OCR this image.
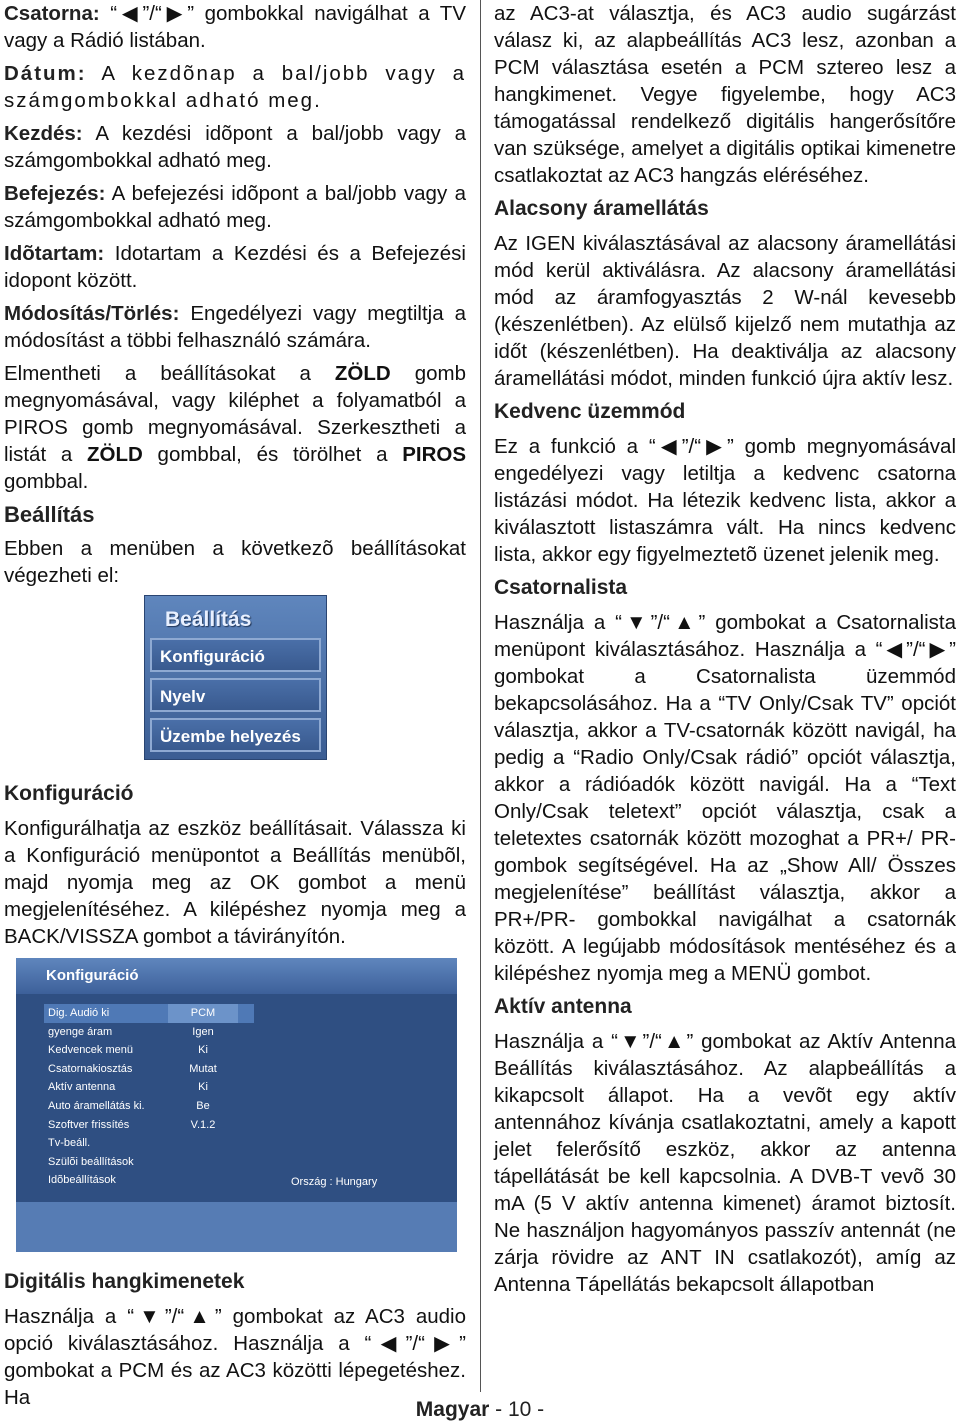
Csatorna: “◀”/“▶” gombokkal navigálhat a TV vagy a Rádió listában.

Dátum: A kezdõnap a bal/jobb vagy a számgombokkal adható meg.

Kezdés: A kezdési idõpont a bal/jobb vagy a számgombokkal adható meg.

Befejezés: A befejezési idõpont a bal/jobb vagy a számgombokkal adható meg.

Idõtartam: Idotartam a Kezdési és a Befejezési idopont között.

Módosítás/Törlés: Engedélyezi vagy megtiltja a módosítást a többi felhasználó számára.

Elmentheti a beállításokat a ZÖLD gomb megnyomásával, vagy kiléphet a folyamatból a PIROS gomb megnyomásával. Szerkesztheti a listát a ZÖLD gombbal, és törölhet a PIROS gombbal.

Beállítás

Ebben a menüben a következõ beállításokat végezheti el:

Beállítás
Konfiguráció
Nyelv
Üzembe helyezés
Konfiguráció

Konfigurálhatja az eszköz beállításait. Válassza ki a Konfiguráció menüpontot a Beállítás menübõl, majd nyomja meg az OK gombot a menü megjelenítéséhez. A kilépéshez nyomja meg a BACK/VISSZA gombot a távirányítón.

Konfiguráció
Dig. Audió ki
gyenge áram
Kedvencek menü
Csatornakiosztás
Aktív antenna
Auto áramellátás ki.
Szoftver frissítés
Tv-beáll.
Szülõi beállítások
Idõbeállítások
PCM
Igen
Ki
Mutat
Ki
Be
V.1.2
Ország : Hungary
Digitális hangkimenetek

Használja a “▼”/“▲” gombokat az AC3 audio opció kiválasztásához. Használja a “◀”/“▶” gombokat a PCM és az AC3 közötti lépegetéshez. Ha

az AC3-at választja, és AC3 audio sugárzást válasz ki, az alapbeállítás AC3 lesz, azonban a PCM választása esetén a PCM sztereo lesz a hangkimenet. Vegye figyelembe, hogy AC3 támogatással rendelkező digitális hangerősítőre van szüksége, amelyet a digitális optikai kimenetre csatlakoztat az AC3 hangzás eléréséhez.

Alacsony áramellátás

Az IGEN kiválasztásával az alacsony áramellátási mód kerül aktiválásra. Az alacsony áramellátási mód az áramfogyasztás 2 W-nál kevesebb (készenlétben). Az elülső kijelző nem mutathja az időt (készenlétben). Ha deaktiválja az alacsony áramellátási módot, minden funkció újra aktív lesz.

Kedvenc üzemmód

Ez a funkció a “◀”/“▶” gomb megnyomásával engedélyezi vagy letiltja a kedvenc csatorna listázási módot. Ha létezik kedvenc lista, akkor a kiválasztott listaszámra vált. Ha nincs kedvenc lista, akkor egy figyelmeztetõ üzenet jelenik meg.

Csatornalista

Használja a “▼”/“▲” gombokat a Csatornalista menüpont kiválasztásához. Használja a “◀”/“▶” gombokat a Csatornalista üzemmód bekapcsolásához. Ha a “TV Only/Csak TV” opciót választja, akkor a TV-csatornák között navigál, ha pedig a “Radio Only/Csak rádió” opciót választja, akkor a rádióadók között navigál. Ha a “Text Only/Csak teletext” opciót választja, csak a teletextes csatornák között mozoghat a PR+/ PR- gombok segítségével. Ha az „Show All/ Összes megjelenítése” beállítást választja, akkor a PR+/PR- gombokkal navigálhat a csatornák között. A legújabb módosítások mentéséhez és a kilépéshez nyomja meg a MENÜ gombot.

Aktív antenna

Használja a “▼”/“▲” gombokat az Aktív Antenna Beállítás kiválasztásához. Az alapbeállítás a kikapcsolt állapot. Ha a vevõt egy aktív antennához kívánja csatlakoztatni, amely a kapott jelet felerősítő eszköz, akkor az antenna tápellátását be kell kapcsolnia. A DVB-T vevõ 30 mA (5 V aktív antenna kimenet) áramot biztosít. Ne használjon hagyományos passzív antennát (ne zárja rövidre az ANT IN csatlakozót), amíg az Antenna Tápellátás bekapcsolt állapotban

Magyar - 10 -
